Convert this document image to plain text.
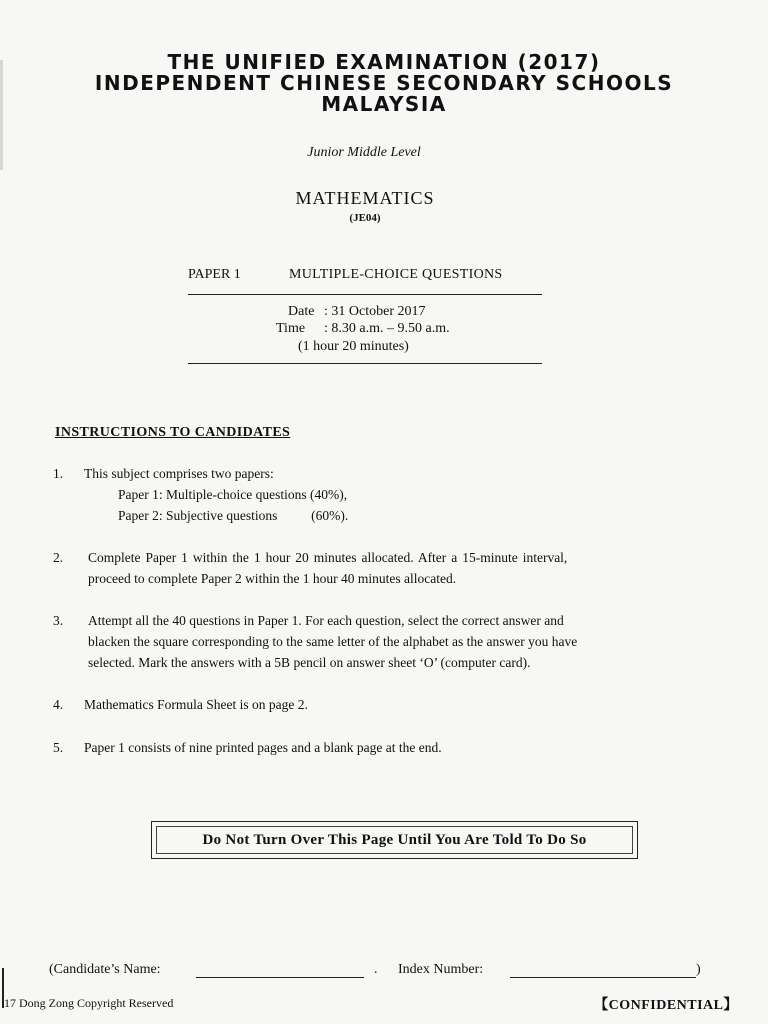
THE UNIFIED EXAMINATION (2017)
INDEPENDENT CHINESE SECONDARY SCHOOLS
MALAYSIA
Junior Middle Level
MATHEMATICS
(JE04)
PAPER 1	MULTIPLE-CHOICE QUESTIONS
Date : 31 October 2017
Time : 8.30 a.m. – 9.50 a.m.
(1 hour 20 minutes)
INSTRUCTIONS TO CANDIDATES
1. This subject comprises two papers:
Paper 1: Multiple-choice questions (40%),
Paper 2: Subjective questions          (60%).
2. Complete Paper 1 within the 1 hour 20 minutes allocated. After a 15-minute interval,
proceed to complete Paper 2 within the 1 hour 40 minutes allocated.
3. Attempt all the 40 questions in Paper 1. For each question, select the correct answer and
blacken the square corresponding to the same letter of the alphabet as the answer you have
selected. Mark the answers with a 5B pencil on answer sheet ‘O’ (computer card).
4. Mathematics Formula Sheet is on page 2.
5. Paper 1 consists of nine printed pages and a blank page at the end.
Do Not Turn Over This Page Until You Are Told To Do So
(Candidate’s Name:	. Index Number:	)
17 Dong Zong Copyright Reserved	【CONFIDENTIAL】
